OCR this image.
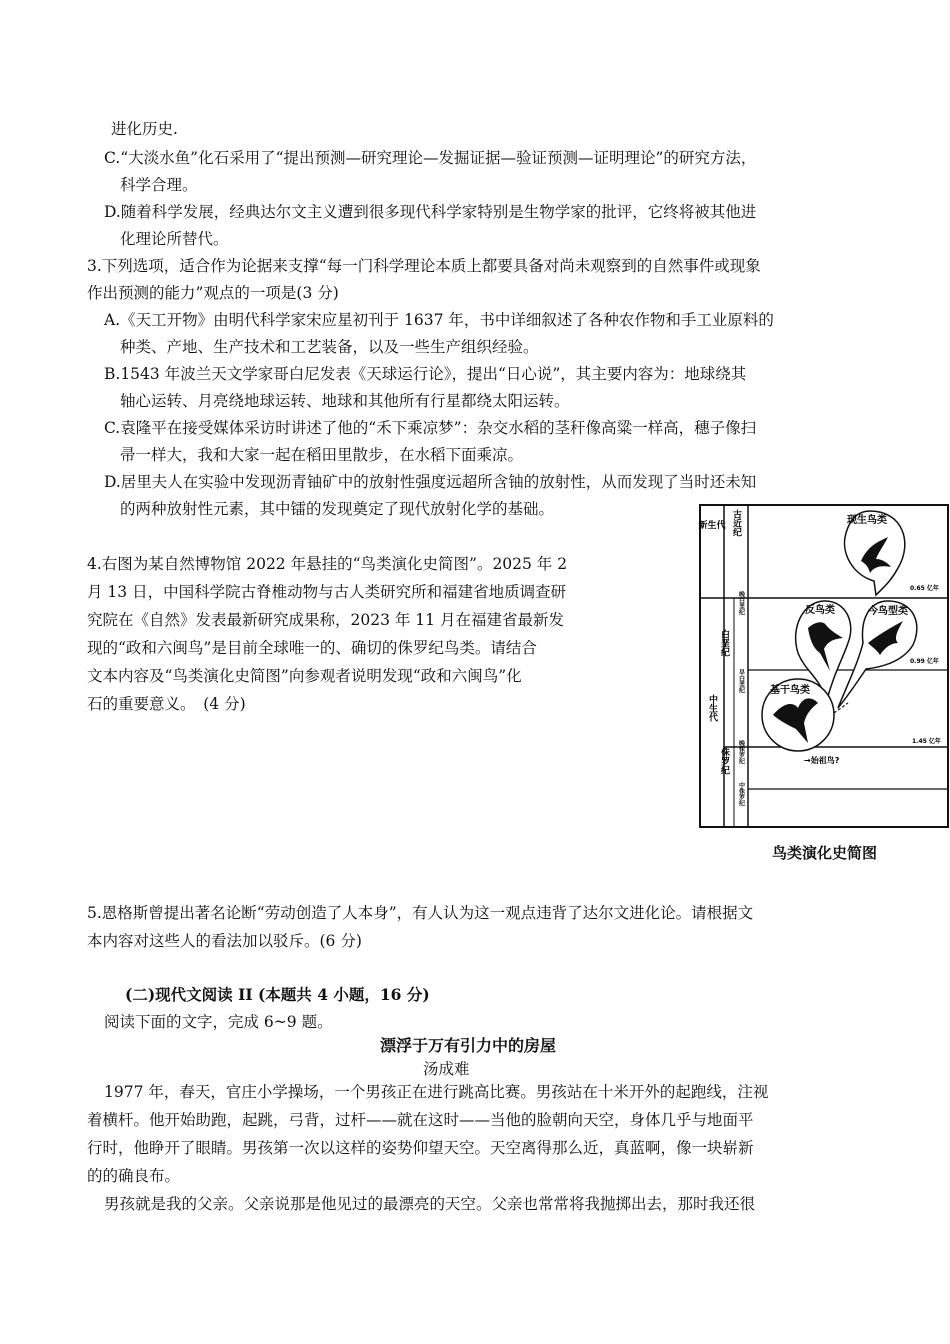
进化历史.
C.“大淡水鱼”化石采用了“提出预测—研究理论—发掘证据—验证预测—证明理论”的研究方法，
科学合理。
D.随着科学发展，经典达尔文主义遭到很多现代科学家特别是生物学家的批评，它终将被其他进
化理论所替代。
3.下列选项，适合作为论据来支撑“每一门科学理论本质上都要具备对尚未观察到的自然事件或现象
作出预测的能力”观点的一项是(3 分)
A.《天工开物》由明代科学家宋应星初刊于 1637 年，书中详细叙述了各种农作物和手工业原料的
种类、产地、生产技术和工艺装备，以及一些生产组织经验。
B.1543 年波兰天文学家哥白尼发表《天球运行论》，提出“日心说”，其主要内容为：地球绕其
轴心运转、月亮绕地球运转、地球和其他所有行星都绕太阳运转。
C.袁隆平在接受媒体采访时讲述了他的“禾下乘凉梦”：杂交水稻的茎秆像高粱一样高，穗子像扫
帚一样大，我和大家一起在稻田里散步，在水稻下面乘凉。
D.居里夫人在实验中发现沥青铀矿中的放射性强度远超所含铀的放射性，从而发现了当时还未知
的两种放射性元素，其中镭的发现奠定了现代放射化学的基础。
4.右图为某自然博物馆 2022 年悬挂的“鸟类演化史简图”。2025 年 2
月 13 日，中国科学院古脊椎动物与古人类研究所和福建省地质调查研
究院在《自然》发表最新研究成果称，2023 年 11 月在福建省最新发
现的“政和六闽鸟”是目前全球唯一的、确切的侏罗纪鸟类。请结合
文本内容及“鸟类演化史简图”向参观者说明发现“政和六闽鸟”化
石的重要意义。　(4 分)
新生代
中生代
古近纪
白垩纪
侏罗纪
晚白垩纪
早白垩纪
晚侏罗纪
中侏罗纪
0.65 亿年
0.99 亿年
1.45 亿年
现生鸟类
反鸟类	今鸟型类
基干鸟类
→始祖鸟?
鸟类演化史简图
5.恩格斯曾提出著名论断“劳动创造了人本身”，有人认为这一观点违背了达尔文进化论。请根据文
本内容对这些人的看法加以驳斥。(6 分)
(二)现代文阅读 II (本题共 4 小题，16 分)
阅读下面的文字，完成 6~9 题。
漂浮于万有引力中的房屋
汤成难
1977 年，春天，官庄小学操场，一个男孩正在进行跳高比赛。男孩站在十米开外的起跑线，注视
着横杆。他开始助跑，起跳，弓背，过杆——就在这时——当他的脸朝向天空，身体几乎与地面平
行时，他睁开了眼睛。男孩第一次以这样的姿势仰望天空。天空离得那么近，真蓝啊，像一块崭新
的的确良布。
男孩就是我的父亲。父亲说那是他见过的最漂亮的天空。父亲也常常将我抛掷出去，那时我还很
